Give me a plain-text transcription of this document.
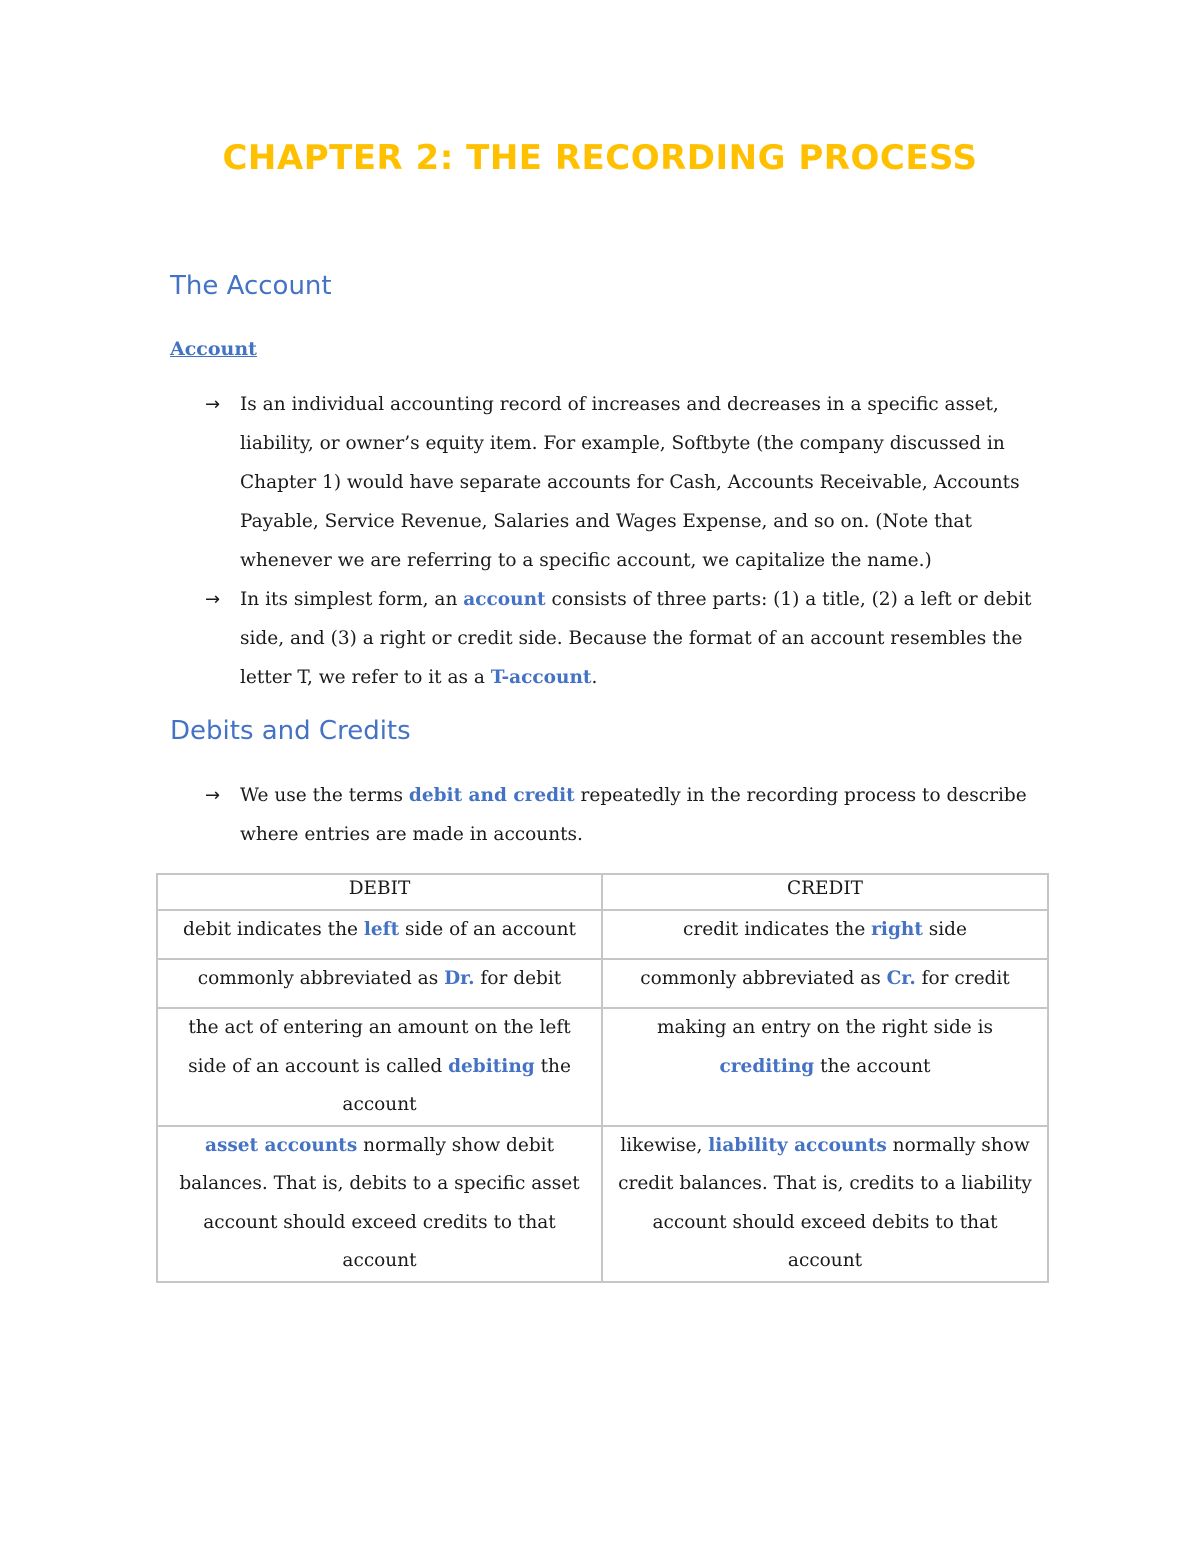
CHAPTER 2: THE RECORDING PROCESS
The Account
Account
→ Is an individual accounting record of increases and decreases in a specific asset, liability, or owner’s equity item. For example, Softbyte (the company discussed in Chapter 1) would have separate accounts for Cash, Accounts Receivable, Accounts Payable, Service Revenue, Salaries and Wages Expense, and so on. (Note that whenever we are referring to a specific account, we capitalize the name.)
→ In its simplest form, an account consists of three parts: (1) a title, (2) a left or debit side, and (3) a right or credit side. Because the format of an account resembles the letter T, we refer to it as a T-account.
Debits and Credits
→ We use the terms debit and credit repeatedly in the recording process to describe where entries are made in accounts.
DEBIT	CREDIT
debit indicates the left side of an account	credit indicates the right side
commonly abbreviated as Dr. for debit	commonly abbreviated as Cr. for credit
the act of entering an amount on the left side of an account is called debiting the account	making an entry on the right side is crediting the account
asset accounts normally show debit balances. That is, debits to a specific asset account should exceed credits to that account	likewise, liability accounts normally show credit balances. That is, credits to a liability account should exceed debits to that account
